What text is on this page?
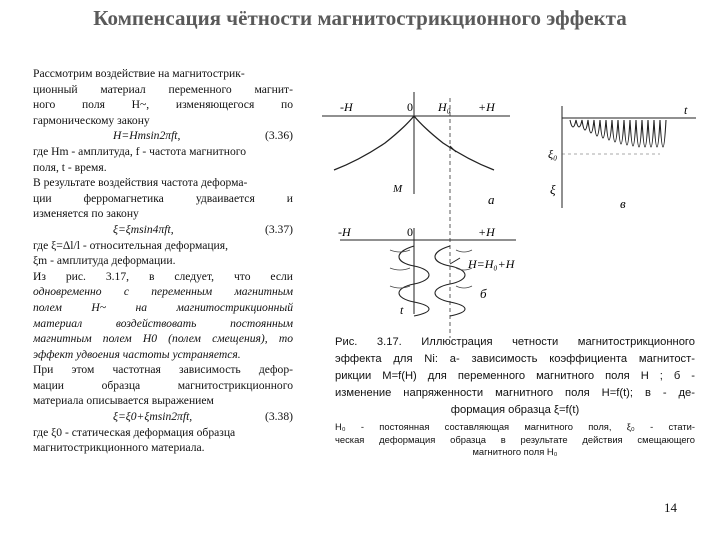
Компенсация чётности магнитострикционного эффекта
Рассмотрим воздействие на магнитострик-
ционный материал переменного магнит-
ного поля H~, изменяющегося по
гармоническому закону
H=Hmsin2πft,	(3.36)
где Hm - амплитуда, f - частота магнитного
поля, t - время.
В результате воздействия частота деформа-
ции ферромагнетика удваивается и
изменяется по закону
ξ=ξmsin4πft,	(3.37)
где ξ=Δl/l - относительная деформация,
ξm - амплитуда деформации.
Из рис. 3.17, в следует, что если
одновременно с переменным магнитным
полем H~ на магнитострикционный
материал воздействовать постоянным
магнитным полем H0 (полем смещения), то
эффект удвоения частоты устраняется.
При этом частотная зависимость дефор-
мации образца магнитострикционного
материала описывается выражением
ξ=ξ0+ξmsin2πft,	(3.38)
где ξ0 - статическая деформация образца
магнитострикционного материала.
-H	0 H₀ +H
M
а
t
ξ₀
ξ
в
-H	0	+H
H=H₀+H
б
t
Рис. 3.17. Иллюстрация четности магнитострикционного
эффекта для Ni: а- зависимость коэффициента магнитост-
рикции M=f(H) для переменного магнитного поля H ; б -
изменение напряженности магнитного поля H=f(t); в - де-
формация образца ξ=f(t)
H₀ - постоянная составляющая магнитного поля, ξ₀ - стати-
ческая деформация образца в результате действия смещающего
магнитного поля H₀
14
